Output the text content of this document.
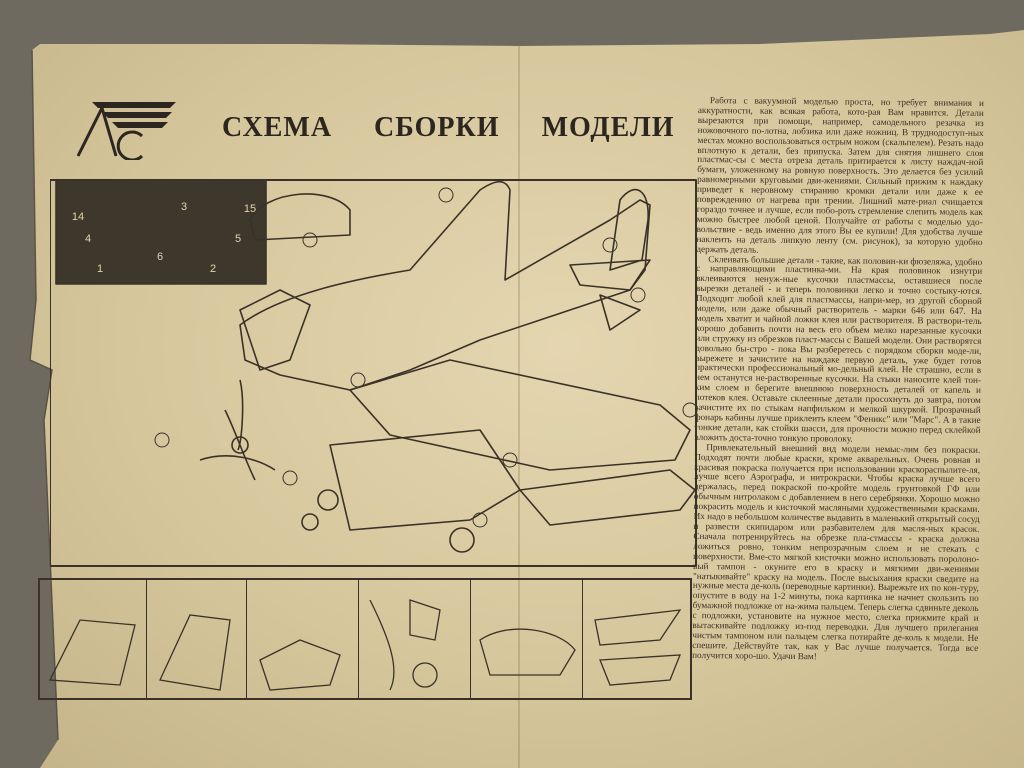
СХЕМА СБОРКИ МОДЕЛИ
3
14
15
4	5
6
1	2

Работа с вакуумной моделью проста, но требует внимания и аккуратности, как всякая работа, кото-рая Вам нравится. Детали вырезаются при помощи, например, самодельного резачка из ножовочного по-лотна, лобзика или даже ножниц. В труднодоступ-ных местах можно воспользоваться острым ножом (скальпелем). Резать надо вплотную к детали, без припуска. Затем для снятия лишнего слоя пластмас-сы с места отреза деталь притирается к листу наждач-ной бумаги, уложенному на ровную поверхность. Это делается без усилий равномерными круговыми дви-жениями. Сильный прижим к наждаку приведет к неровному стиранию кромки детали или даже к ее повреждению от нагрева при трении. Лишний мате-риал счищается гораздо точнее и лучше, если побо-роть стремление слепить модель как можно быстрее любой ценой. Получайте от работы с моделью удо-вольствие - ведь именно для этого Вы ее купили! Для удобства лучше наклеить на деталь липкую ленту (см. рисунок), за которую удобно держать деталь.

Склеивать большие детали - такие, как половин-ки фюзеляжа, удобно с направляющими пластинка-ми. На края половинок изнутри вклеиваются ненуж-ные кусочки пластмассы, оставшиеся после вырезки деталей - и теперь половинки легко и точно состыку-ются. Подходит любой клей для пластмассы, напри-мер, из другой сборной модели, или даже обычный растворитель - марки 646 или 647. На модель хватит и чайной ложки клея или растворителя. В раствори-тель хорошо добавить почти на весь его объем мелко нарезанные кусочки или стружку из обрезков пласт-массы с Вашей модели. Они растворятся довольно бы-стро - пока Вы разберетесь с порядком сборки моде-ли, вырежете и зачистите на наждаке первую деталь, уже будет готов практически профессиональный мо-дельный клей. Не страшно, если в нем останутся не-растворенные кусочки. На стыки наносите клей тон-ким слоем и берегите внешнюю поверхность деталей от капель и потеков клея. Оставьте склеенные детали просохнуть до завтра, потом зачистите их по стыкам напфильком и мелкой шкуркой. Прозрачный фонарь кабины лучше приклеить клеем "Феникс" или "Марс". А в такие тонкие детали, как стойки шасси, для прочности можно перед склейкой вложить доста-точно тонкую проволоку.

Привлекательный внешний вид модели немыс-лим без покраски. Подходят почти любые краски, кроме акварельных. Очень ровная и красивая покраска получается при использовании краскораспылите-ля, лучше всего Аэрографа, и нитрокраски. Чтобы краска лучше всего держалась, перед покраской по-кройте модель грунтовкой ГФ или обычным нитролаком с добавлением в него серебрянки. Хорошо можно покрасить модель и кисточкой масляными художественными красками. Их надо в небольшом количестве выдавить в маленький открытый сосуд и развести скипидаром или разбавителем для масля-ных красок. Сначала потренируйтесь на обрезке пла-стмассы - краска должна ложиться ровно, тонким непрозрачным слоем и не стекать с поверхности. Вме-сто мягкой кисточки можно использовать поролоно-вый тампон - окуните его в краску и мягкими дви-жениями "натыкивайте" краску на модель. После высыхания краски сведите на нужные места де-коль (переводные картинки). Вырежьте их по кон-туру, опустите в воду на 1-2 минуты, пока картинка не начнет скользить по бумажной подложке от на-жима пальцем. Теперь слегка сдвиньте деколь с подложки, установите на нужное место, слегка прижмите край и вытаскивайте подложку из-под переводки. Для лучшего прилегания чистым тампоном или пальцем слегка потирайте де-коль к модели. Не спешите. Действуйте так, как у Вас лучше получается. Тогда все получится хоро-шо. Удачи Вам!
